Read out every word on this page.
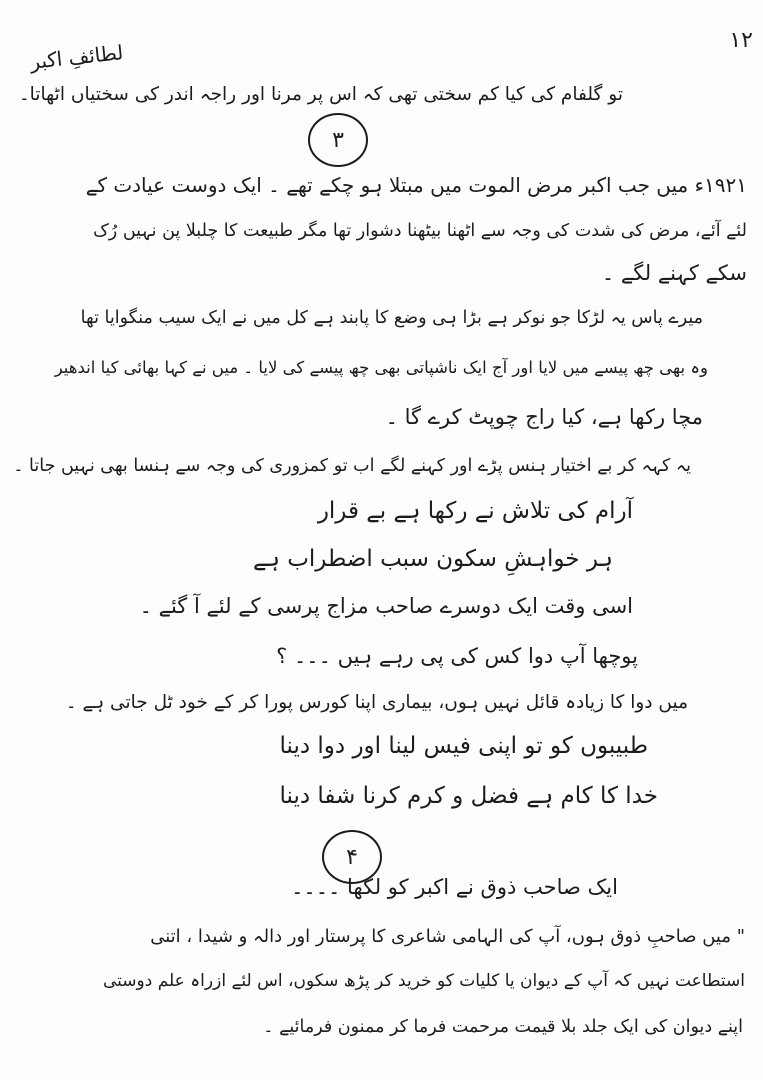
۱۲
لطائفِ اکبر
تو گلفام کی کیا کم سختی تھی کہ اس پر مرنا اور راجہ اندر کی سختیاں اٹھاتا۔
۳
۱۹۲۱ء میں جب اکبر مرض الموت میں مبتلا ہو چکے تھے ۔ ایک دوست عیادت کے
لئے آئے، مرض کی شدت کی وجہ سے اٹھنا بیٹھنا دشوار تھا مگر طبیعت کا چلبلا پن نہیں رُک
سکے کہنے لگے ۔
میرے پاس یہ لڑکا جو نوکر ہے بڑا ہی وضع کا پابند ہے کل میں نے ایک سیب منگوایا تھا
وہ بھی چھ پیسے میں لایا اور آج ایک ناشپاتی بھی چھ پیسے کی لایا ۔ میں نے کہا بھائی کیا اندھیر
مچا رکھا ہے، کیا راج چوپٹ کرے گا ۔
یہ کہہ کر بے اختیار ہنس پڑے اور کہنے لگے اب تو کمزوری کی وجہ سے ہنسا بھی نہیں جاتا ۔
آرام کی تلاش نے رکھا ہے بے قرار
ہر خواہشِ سکون سبب اضطراب ہے
اسی وقت ایک دوسرے صاحب مزاج پرسی کے لئے آ گئے ۔
پوچھا آپ دوا کس کی پی رہے ہیں ۔۔۔ ؟
میں دوا کا زیادہ قائل نہیں ہوں، بیماری اپنا کورس پورا کر کے خود ٹل جاتی ہے ۔
طبیبوں کو تو اپنی فیس لینا اور دوا دینا
خدا کا کام ہے فضل و کرم کرنا شفا دینا
۴
ایک صاحب ذوق نے اکبر کو لکھا ۔۔۔۔
" میں صاحبِ ذوق ہوں، آپ کی الہامی شاعری کا پرستار اور دالہ و شیدا ، اتنی
استطاعت نہیں کہ آپ کے دیوان یا کلیات کو خرید کر پڑھ سکوں، اس لئے ازراہ علم دوستی
اپنے دیوان کی ایک جلد بلا قیمت مرحمت فرما کر ممنون فرمائیے ۔
